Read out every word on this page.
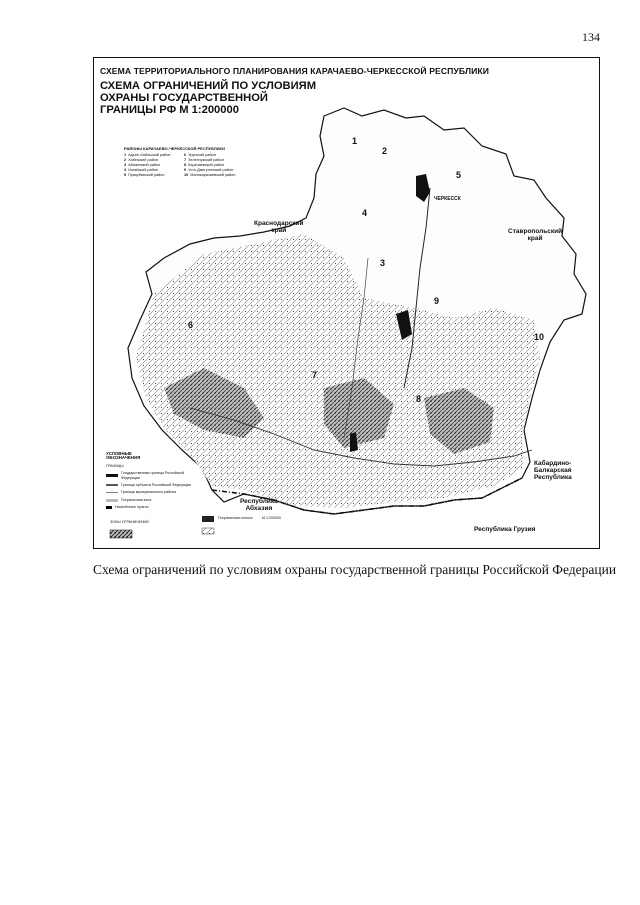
134
СХЕМА ТЕРРИТОРИАЛЬНОГО ПЛАНИРОВАНИЯ КАРАЧАЕВО-ЧЕРКЕССКОЙ РЕСПУБЛИКИ
СХЕМА ОГРАНИЧЕНИЙ ПО УСЛОВИЯМ
ОХРАНЫ ГОСУДАРСТВЕННОЙ
ГРАНИЦЫ РФ М 1:200000
РАЙОНЫ КАРАЧАЕВО-ЧЕРКЕССКОЙ РЕСПУБЛИКИ
1 Адыге-Хабльский район	6 Урупский район
2 Хабезский район	7 Зеленчукский район
3 Абазинский район	8 Карачаевский район
4 Ногайский район	9 Усть-Джегутинский район
5 Прикубанский район	10 Малокарачаевский район
1
2
3
4
5
6
7
8
9
10
ЧЕРКЕССК
Краснодарский
край	Ставропольский
край
Кабардино-
Балкарская
Республика
Республика
Абхазия
Республика Грузия
УСЛОВНЫЕ
ОБОЗНАЧЕНИЯ
ГРАНИЦЫ
Государственная граница Российской Федерации
Граница субъекта Российской Федерации
Граница муниципального района
Пограничная зона
Населённые пункты
ЗОНЫ ОГРАНИЧЕНИЙ
Пограничная полоса	М 1:200000
Схема ограничений по условиям охраны государственной границы Российской Федерации
